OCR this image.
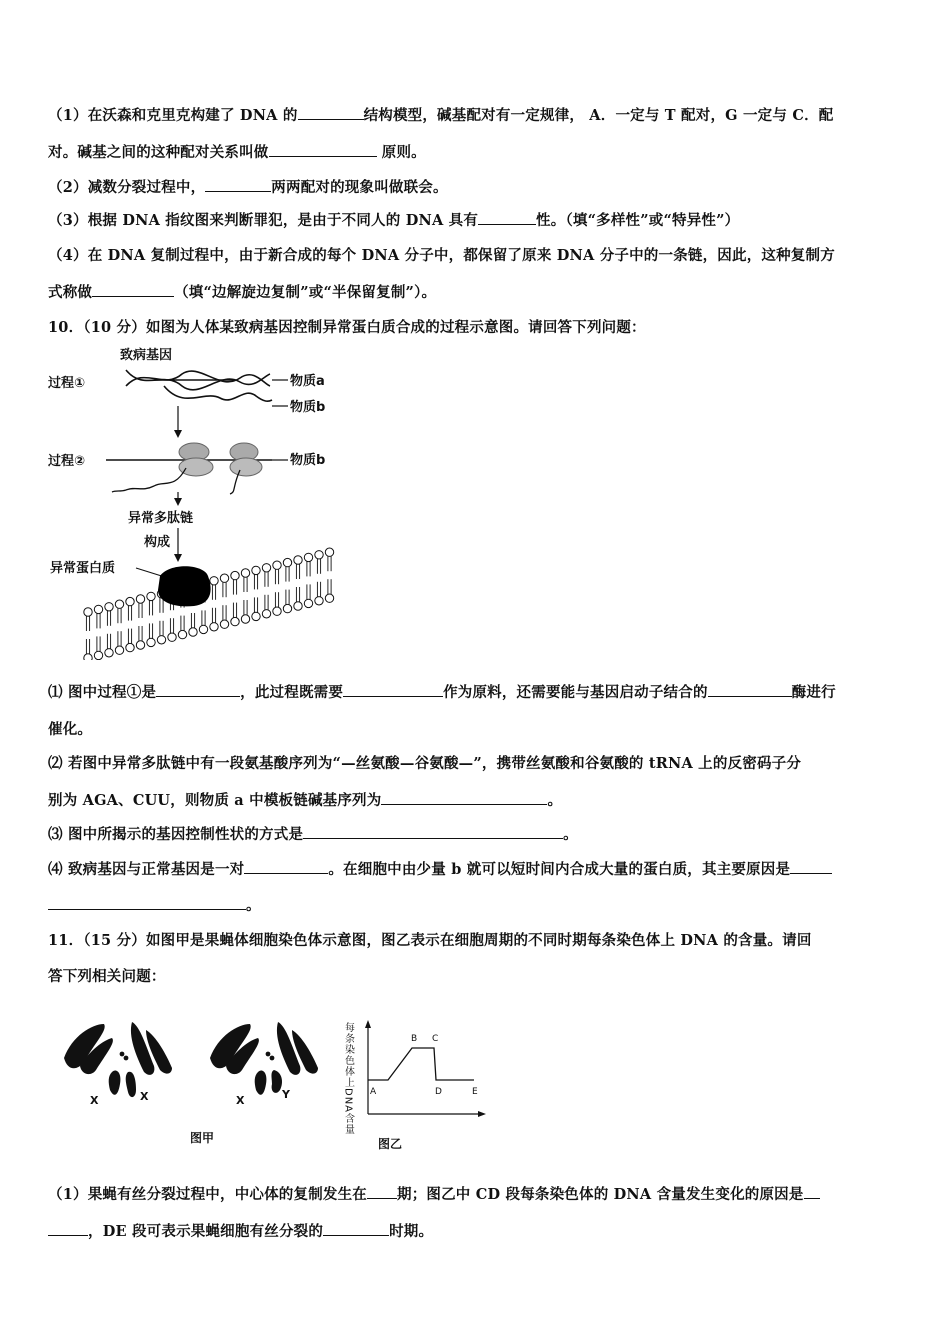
（1）在沃森和克里克构建了 DNA 的	结构模型，碱基配对有一定规律， A．一定与 T 配对，G 一定与 C．配
对。碱基之间的这种配对关系叫做	原则。
（2）减数分裂过程中，	两两配对的现象叫做联会。
（3）根据 DNA 指纹图来判断罪犯，是由于不同人的 DNA 具有	性。（填“多样性”或“特异性”）
（4）在 DNA 复制过程中，由于新合成的每个 DNA 分子中，都保留了原来 DNA 分子中的一条链，因此，这种复制方
式称做	（填“边解旋边复制”或“半保留复制”）。
10．（10 分）如图为人体某致病基因控制异常蛋白质合成的过程示意图。请回答下列问题：
致病基因
过程①	物质a
物质b
过程②	物质b
异常多肽链
构成
异常蛋白质
⑴ 图中过程①是	，此过程既需要	作为原料，还需要能与基因启动子结合的	酶进行
催化。
⑵ 若图中异常多肽链中有一段氨基酸序列为“—丝氨酸—谷氨酸—”，携带丝氨酸和谷氨酸的 tRNA 上的反密码子分
别为 AGA、CUU，则物质 a 中模板链碱基序列为	。
⑶ 图中所揭示的基因控制性状的方式是	。
⑷ 致病基因与正常基因是一对	。在细胞中由少量 b 就可以短时间内合成大量的蛋白质，其主要原因是
。
11．（15 分）如图甲是果蝇体细胞染色体示意图，图乙表示在细胞周期的不同时期每条染色体上 DNA 的含量。请回
答下列相关问题：
X	X	X	Y
图甲
每条染色体上DNA含量 A
B C
D	E
图乙
（1）果蝇有丝分裂过程中，中心体的复制发生在 期；图乙中 CD 段每条染色体的 DNA 含量发生变化的原因是
，DE 段可表示果蝇细胞有丝分裂的	时期。
